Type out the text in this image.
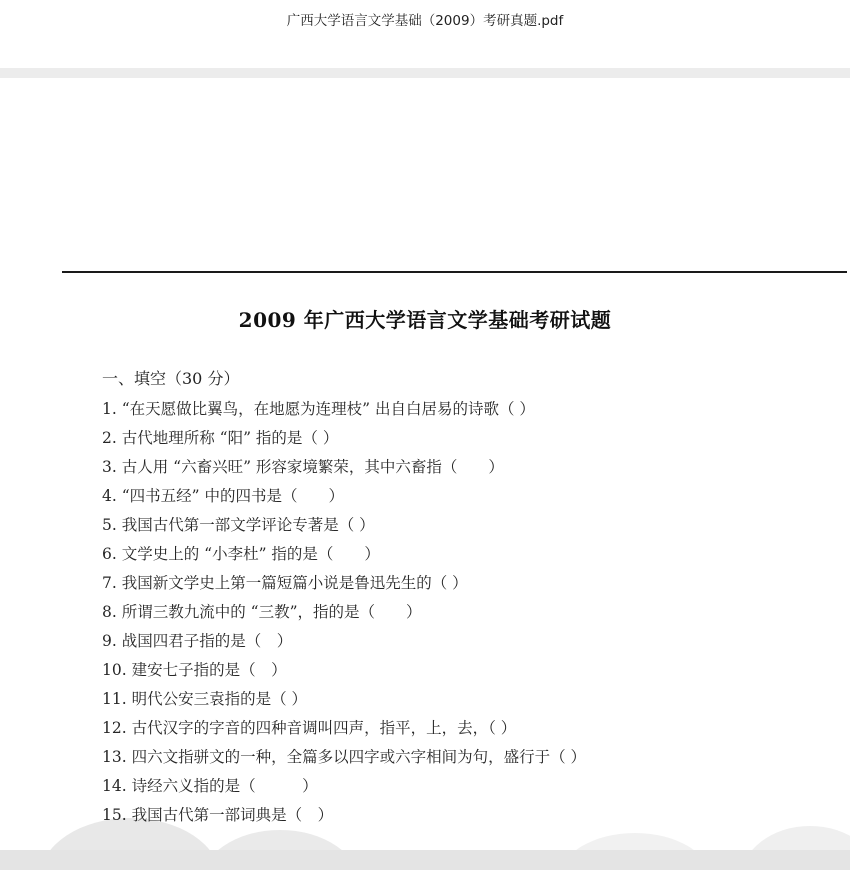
广西大学语言文学基础（2009）考研真题.pdf
2009 年广西大学语言文学基础考研试题
一、填空（30 分）
1. “在天愿做比翼鸟，在地愿为连理枝” 出自白居易的诗歌（ ）
2. 古代地理所称 “阳” 指的是（ ）
3. 古人用 “六畜兴旺” 形容家境繁荣，其中六畜指（　　）
4. “四书五经” 中的四书是（　　）
5. 我国古代第一部文学评论专著是（ ）
6. 文学史上的 “小李杜” 指的是（　　）
7. 我国新文学史上第一篇短篇小说是鲁迅先生的（ ）
8. 所谓三教九流中的 “三教”，指的是（　　）
9. 战国四君子指的是（　）
10. 建安七子指的是（　）
11. 明代公安三袁指的是（ ）
12. 古代汉字的字音的四种音调叫四声，指平，上，去，（ ）
13. 四六文指骈文的一种，全篇多以四字或六字相间为句，盛行于（ ）
14. 诗经六义指的是（　　　）
15. 我国古代第一部词典是（　）
